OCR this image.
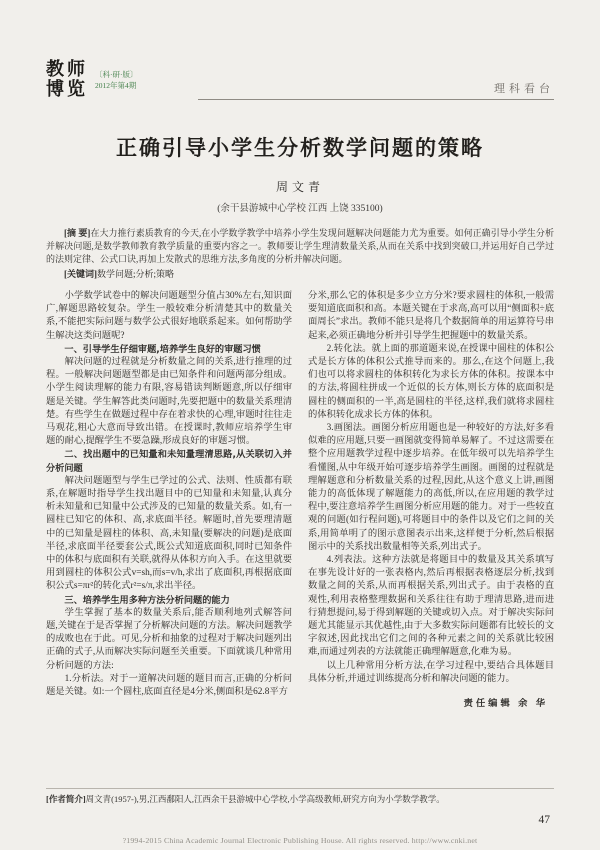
教师
博览
〔科·研·版〕
2012年第4期	理科看台
正确引导小学生分析数学问题的策略
周文青
(余干县游城中心学校 江西 上饶 335100)

[摘 要]在大力推行素质教育的今天,在小学数学教学中培养小学生发现问题解决问题能力尤为重要。如何正确引导小学生分析并解决问题,是数学教师教育教学质量的重要内容之一。教师要让学生理清数量关系,从而在关系中找到突破口,并运用好自己学过的法则定律、公式口诀,再加上发散式的思维方法,多角度的分析并解决问题。

[关键词]数学问题;分析;策略

小学数学试卷中的解决问题题型分值占30%左右,知识面广,解题思路较复杂。学生一般较难分析清楚其中的数量关系,不能把实际问题与数学公式很好地联系起来。如何帮助学生解决这类问题呢?

一、引导学生仔细审题,培养学生良好的审题习惯

解决问题的过程就是分析数量之间的关系,进行推理的过程。一般解决问题题型都是由已知条件和问题两部分组成。小学生阅读理解的能力有限,容易错读判断题意,所以仔细审题是关键。学生解答此类问题时,先要把题中的数量关系理清楚。有些学生在做题过程中存在着求快的心理,审题时往往走马观花,粗心大意而导致出错。在授课时,教师应培养学生审题的耐心,提醒学生不要急躁,形成良好的审题习惯。

二、找出题中的已知量和未知量理清思路,从关联切入并分析问题

解决问题题型与学生已学过的公式、法则、性质都有联系,在解题时指导学生找出题目中的已知量和未知量,认真分析未知量和已知量中公式涉及的已知量的数量关系。如,有一圆柱已知它的体积、高,求底面半径。解题时,首先要理清题中的已知量是圆柱的体积、高,未知量(要解决的问题)是底面半径,求底面半径要套公式,既公式知道底面积,同时已知条件中的体积与底面积有关联,就得从体积方向入手。在这里就要用到圆柱的体积公式v=sh,而s=v/h,求出了底面积,再根据底面积公式s=πr²的转化式r²=s/π,求出半径。

三、培养学生用多种方法分析问题的能力

学生掌握了基本的数量关系后,能否顺利地列式解答问题,关键在于是否掌握了分析解决问题的方法。解决问题教学的成败也在于此。可见,分析和抽象的过程对于解决问题列出正确的式子,从而解决实际问题至关重要。下面就谈几种常用分析问题的方法:

1.分析法。对于一道解决问题的题目而言,正确的分析问题是关键。如:一个圆柱,底面直径是4分米,侧面积是62.8平方

分米,那么它的体积是多少立方分米?要求圆柱的体积,一般需要知道底面积和高。本题关键在于求高,高可以用“侧面积÷底面周长”求出。教师不能只是将几个数据简单的用运算符号串起来,必须正确地分析并引导学生把握题中的数量关系。

2.转化法。就上面的那道题来说,在授课中圆柱的体积公式是长方体的体积公式推导而来的。那么,在这个问题上,我们也可以将求圆柱的体积转化为求长方体的体积。按课本中的方法,将圆柱拼成一个近似的长方体,则长方体的底面积是圆柱的侧面积的一半,高是圆柱的半径,这样,我们就将求圆柱的体积转化成求长方体的体积。

3.画图法。画图分析应用题也是一种较好的方法,好多看似难的应用题,只要一画图就变得简单易解了。不过这需要在整个应用题教学过程中逐步培养。在低年级可以先培养学生看懂图,从中年级开始可逐步培养学生画图。画图的过程就是理解题意和分析数量关系的过程,因此,从这个意义上讲,画图能力的高低体现了解题能力的高低,所以,在应用题的教学过程中,要注意培养学生画图分析应用题的能力。对于一些较直观的问题(如行程问题),可将题目中的条件以及它们之间的关系,用简单明了的图示意图表示出来,这样便于分析,然后根据图示中的关系找出数量相等关系,列出式子。

4.列表法。这种方法就是将题目中的数量及其关系填写在事先设计好的一张表格内,然后再根据表格逐层分析,找到数量之间的关系,从而再根据关系,列出式子。由于表格的直观性,利用表格整理数据和关系往往有助于理清思路,进而进行猜想提问,易于得到解题的关键或切入点。对于解决实际问题尤其能显示其优越性,由于大多数实际问题都有比较长的文字叙述,因此找出它们之间的各种元素之间的关系就比较困难,而通过列表的方法就能正确理解题意,化难为易。

以上几种常用分析方法,在学习过程中,要结合具体题目具体分析,并通过训练提高分析和解决问题的能力。

责任编辑 余 华
[作者简介]周文青(1957-),男,江西鄱阳人,江西余干县游城中心学校,小学高级教师,研究方向为小学数学教学。
47
?1994-2015 China Academic Journal Electronic Publishing House. All rights reserved. http://www.cnki.net
